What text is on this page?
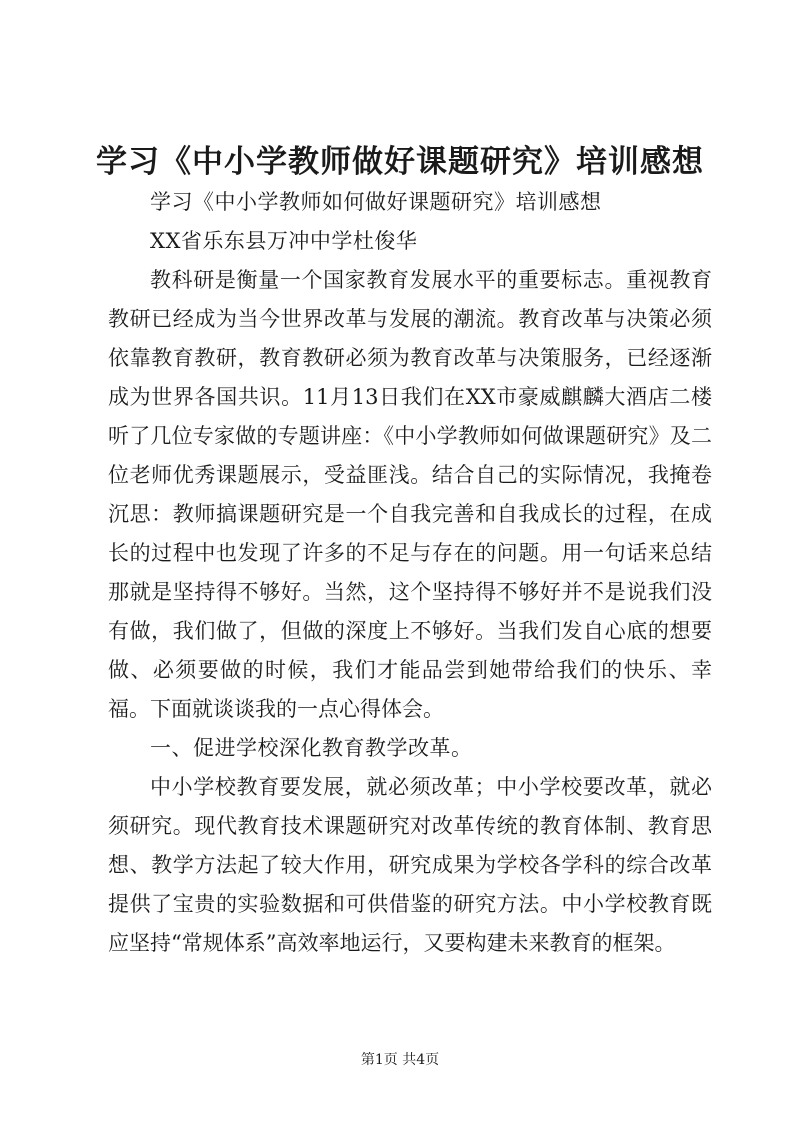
学习《中小学教师做好课题研究》培训感想

学习《中小学教师如何做好课题研究》培训感想

XX省乐东县万冲中学杜俊华

教科研是衡量一个国家教育发展水平的重要标志。重视教育教研已经成为当今世界改革与发展的潮流。教育改革与决策必须依靠教育教研，教育教研必须为教育改革与决策服务，已经逐渐成为世界各国共识。11月13日我们在XX市豪威麒麟大酒店二楼听了几位专家做的专题讲座：《中小学教师如何做课题研究》及二位老师优秀课题展示，受益匪浅。结合自己的实际情况，我掩卷沉思：教师搞课题研究是一个自我完善和自我成长的过程，在成长的过程中也发现了许多的不足与存在的问题。用一句话来总结那就是坚持得不够好。当然，这个坚持得不够好并不是说我们没有做，我们做了，但做的深度上不够好。当我们发自心底的想要做、必须要做的时候，我们才能品尝到她带给我们的快乐、幸福。下面就谈谈我的一点心得体会。

一、促进学校深化教育教学改革。

中小学校教育要发展，就必须改革；中小学校要改革，就必须研究。现代教育技术课题研究对改革传统的教育体制、教育思想、教学方法起了较大作用，研究成果为学校各学科的综合改革提供了宝贵的实验数据和可供借鉴的研究方法。中小学校教育既应坚持“常规体系”高效率地运行，又要构建未来教育的框架。

第1页 共4页
